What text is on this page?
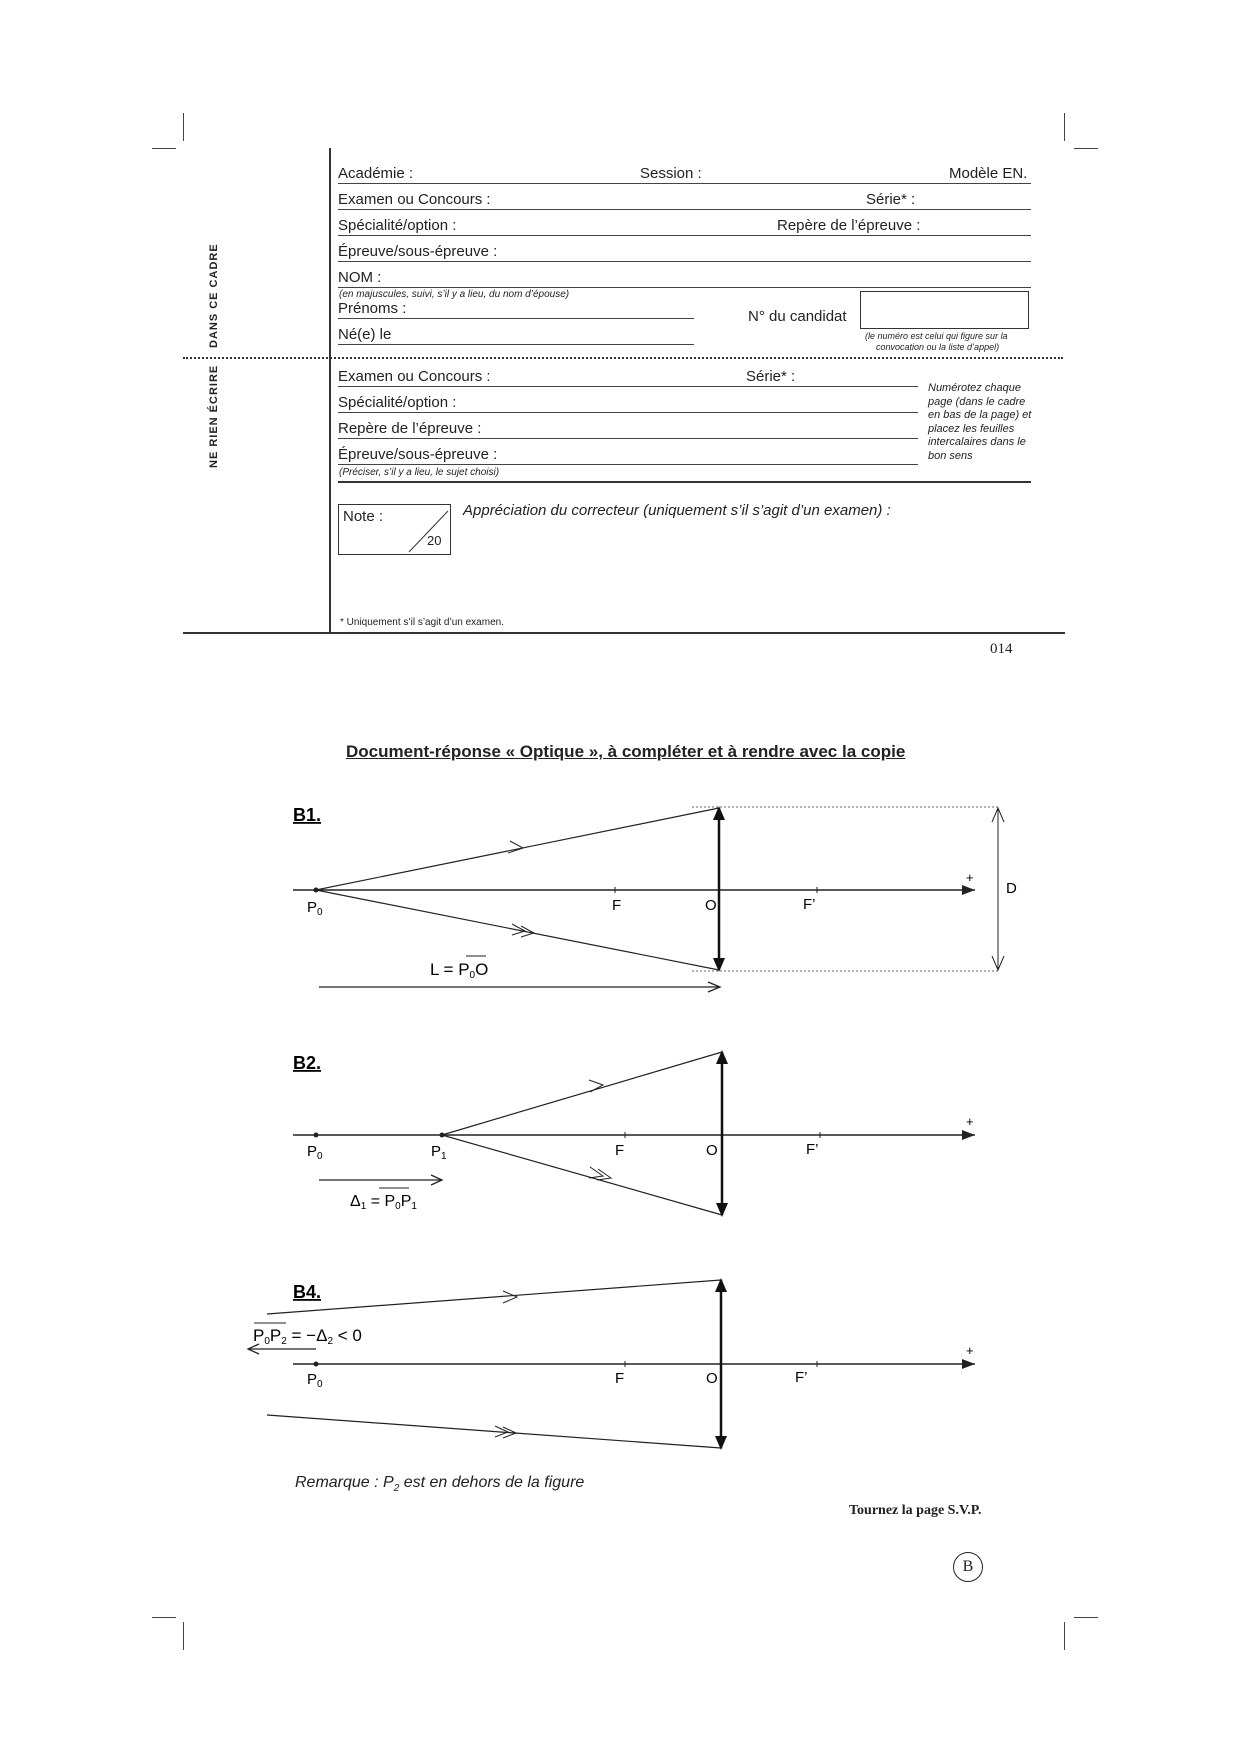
NE RIEN ÉCRIRE
DANS CE CADRE
Académie :	Session :	Modèle EN.
Examen ou Concours :	Série* :
Spécialité/option :	Repère de l’épreuve :
Épreuve/sous-épreuve :
NOM :
(en majuscules, suivi, s’il y a lieu, du nom d’épouse)
Prénoms :
Né(e) le
N° du candidat
(le numéro est celui qui figure sur la
convocation ou la liste d’appel)
Examen ou Concours :	Série* :
Spécialité/option :
Repère de l’épreuve :
Épreuve/sous-épreuve :
(Préciser, s’il y a lieu, le sujet choisi)
Numérotez chaque
page (dans le cadre
en bas de la page) et
placez les feuilles
intercalaires dans le
bon sens
Note :
20
Appréciation du correcteur (uniquement s’il s’agit d’un examen) :
* Uniquement s’il s’agit d’un examen.
014
Document-réponse « Optique », à compléter et à rendre avec la copie
B1.
+
D
$P_0$	F	O	F’
L = P0O
B2.
+
$P_0$	$P_1$	F	O	F’
Δ1 = P0P1
B4.
+
P0P2 = −Δ2 < 0
$P_0$	F	O	F’
Remarque : $P_2$ est en dehors de la figure
Tournez la page S.V.P.
B
